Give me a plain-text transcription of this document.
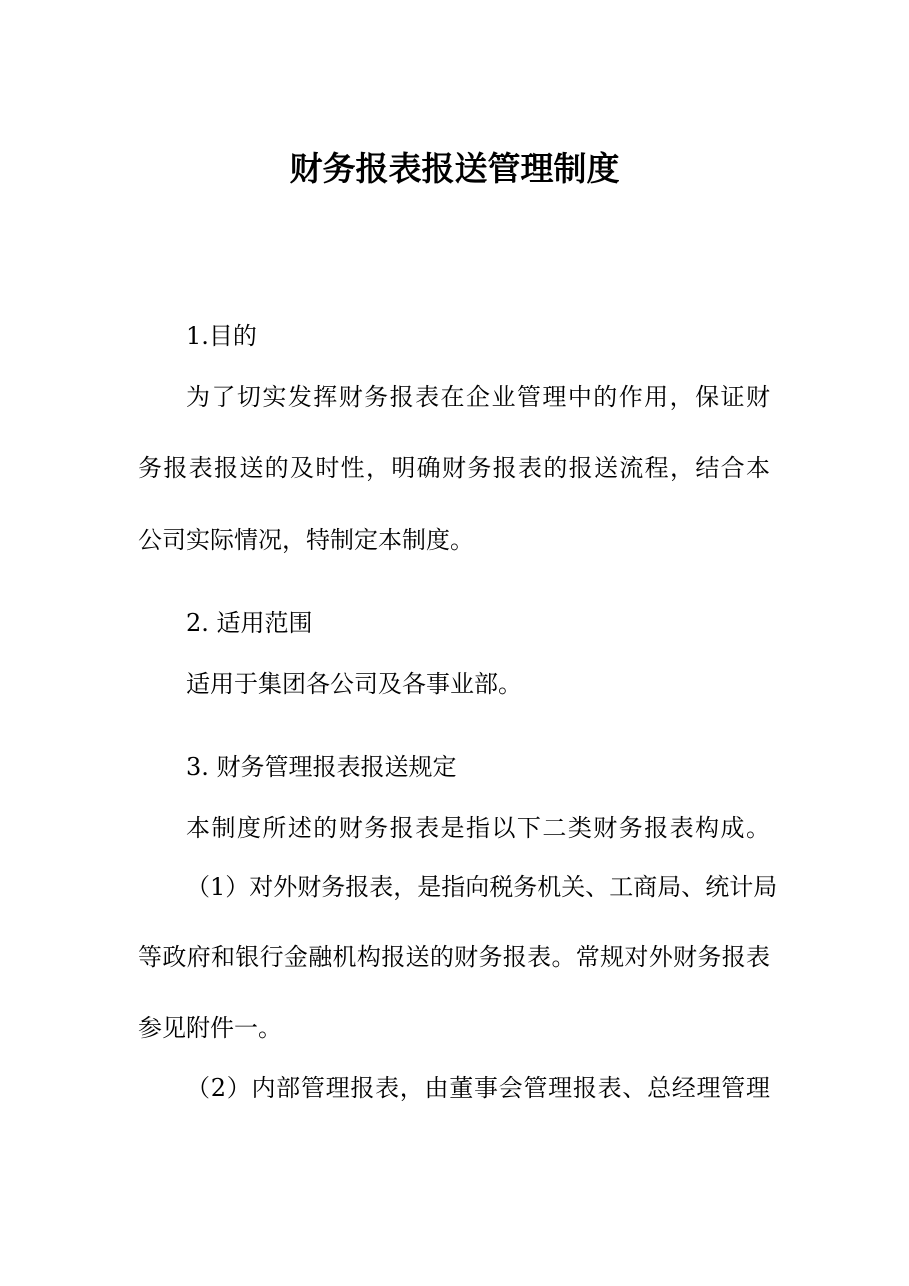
财务报表报送管理制度
1.目的
为了切实发挥财务报表在企业管理中的作用，保证财
务报表报送的及时性，明确财务报表的报送流程，结合本
公司实际情况，特制定本制度。
2. 适用范围
适用于集团各公司及各事业部。
3. 财务管理报表报送规定
本制度所述的财务报表是指以下二类财务报表构成。
（1）对外财务报表，是指向税务机关、工商局、统计局
等政府和银行金融机构报送的财务报表。常规对外财务报表
参见附件一。
（2）内部管理报表，由董事会管理报表、总经理管理
